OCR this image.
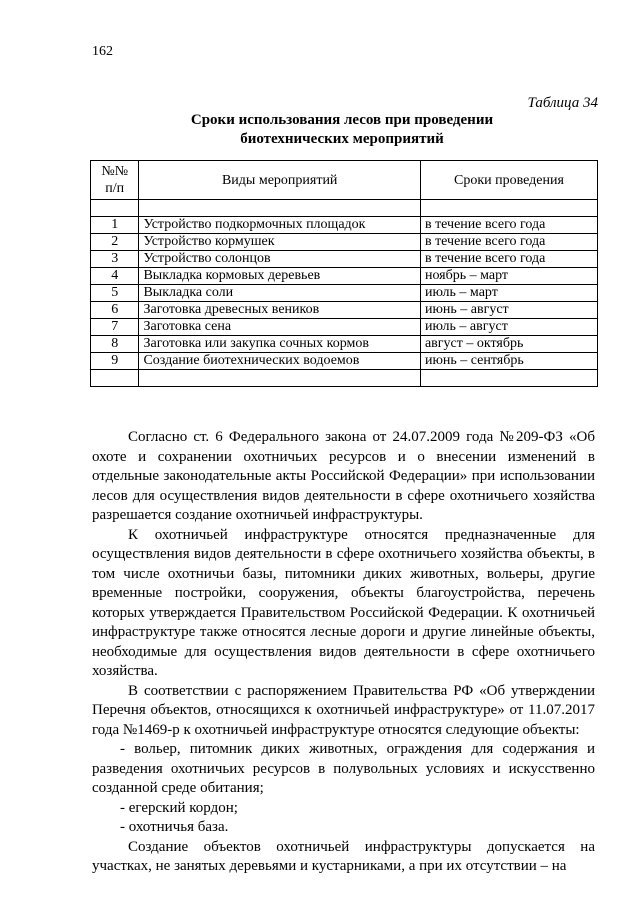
162
Таблица 34
Сроки использования лесов при проведении
биотехнических мероприятий
№№ п/п	Виды мероприятий	Сроки проведения

1	Устройство подкормочных площадок	в течение всего года
2	Устройство кормушек	в течение всего года
3	Устройство солонцов	в течение всего года
4	Выкладка кормовых деревьев	ноябрь – март
5	Выкладка соли	июль – март
6	Заготовка древесных веников	июнь – август
7	Заготовка сена	июль – август
8	Заготовка или закупка сочных кормов	август – октябрь
9	Создание биотехнических водоемов	июнь – сентябрь

Согласно ст. 6 Федерального закона от 24.07.2009 года №209-ФЗ «Об охоте и сохранении охотничьих ресурсов и о внесении изменений в отдельные законодательные акты Российской Федерации» при использовании лесов для осуществления видов деятельности в сфере охотничьего хозяйства разрешается создание охотничьей инфраструктуры.

К охотничьей инфраструктуре относятся предназначенные для осуществления видов деятельности в сфере охотничьего хозяйства объекты, в том числе охотничьи базы, питомники диких животных, вольеры, другие временные постройки, сооружения, объекты благоустройства, перечень которых утверждается Правительством Российской Федерации. К охотничьей инфраструктуре также относятся лесные дороги и другие линейные объекты, необходимые для осуществления видов деятельности в сфере охотничьего хозяйства.

В соответствии с распоряжением Правительства РФ «Об утверждении Перечня объектов, относящихся к охотничьей инфраструктуре» от 11.07.2017 года №1469-р к охотничьей инфраструктуре относятся следующие объекты:

- вольер, питомник диких животных, ограждения для содержания и разведения охотничьих ресурсов в полувольных условиях и искусственно созданной среде обитания;

- егерский кордон;

- охотничья база.

Создание объектов охотничьей инфраструктуры допускается на участках, не занятых деревьями и кустарниками, а при их отсутствии – на
